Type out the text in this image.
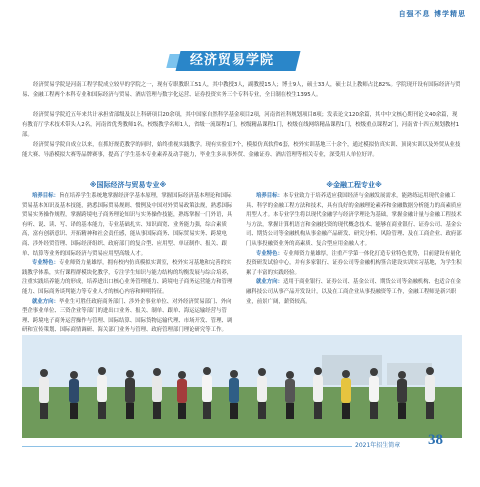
自强不息 博学精思
经济贸易学院

经济贸易学院是河南工程学院成立较早的学院之一，现有专职教职工51人，其中教授3人，副教授15人；博士9人，硕士33人，硕士以上教师占比82%。学院现开设有国际经济与贸易、金融工程两个本科专业和国际经济与贸易、酒店管理与数字化运营、证券投资实务三个专科专业，全日制在校生1395人。

经济贸易学院近五年来共计承担省部级及以上科研项目20余项，其中国家自然科学基金项目2项，河南省社科规划项目8项；发表论文120余篇，其中中文核心期刊论文40余篇，现有教育厅学术技术带头人2名，河南省优秀教师1名，校级教学名师1人，省级一流课程1门，校级精品课程1门，校级在线网络精品课程1门，校级重点课程2门，河南省十四五规划教材1部。

经济贸易学院自成立以来，在抓好规范教学的同时，始终重视实践教学。现有实验室7个，模拟仿真软件6套，校外实训基地三十余个，通过模拟仿真实训、顶岗实训以及外贸从业技能大赛、导游模拟大赛等品牌赛事，提高了学生基本专业素养及动手能力，毕业生多从事外贸、金融证券、酒店管理等相关专业，深受用人单位好评。

※国际经济与贸易专业※
培养目标：旨在培养学生系统地掌握经济学基本原理，掌握国际经济基本理论和国际贸易基本知识及基本技能，熟悉国际贸易规则、惯例及中国对外贸易政策法规，熟悉国际贸易实务操作规程，掌握跨境电子商务理论知识与实务操作技能，熟练掌握一门外语，具有听、说、读、写、译的基本能力，专业基础扎实、知识面宽、业务能力强，综合素质高，富有创新意识、开拓精神和社会责任感，能从事国际商务、国际贸易实务、跨境电商、涉外经贸管理、国际经济组织、政府部门的复合型、应用型、单证制作、报关、跟单、结算等业务的国际经济与贸易应用型高级人才。
专业特色：专业师资力量雄厚，拥有校内仿真模拟实训室，校外实习基地和完善的实践教学体系，实行课程群模块化教学，专注学生知识与能力结构的均衡发展与综合培养，注重实践培养能力的形成，培养进出口核心业务管理能力、跨境电子商务运营能力和管理能力、国际商务谈判能力等专业人才的核心内容和鲜明特征。
就业方向：毕业生可胜任政府商务部门、涉外企事业单位、对外经济贸易部门、外向型企事业单位、三资企业等部门的进出口业务、报关、制单、跟单、海运运输经营与管理、跨境电子商务运营操作与管理、国际结算、国际货物运输代理、市场开发、管理、调研和宣传策划、国际商情调研、海关部门业务与管理、政府管理部门理论研究等工作。
※金融工程专业※
培养目标：本专业致力于培养适应我国经济与金融发展需求，能熟练运用现代金融工具、科学的金融工程方法和技术，具有良好的金融理论素养和金融数据分析能力的高素质应用型人才。本专业学生将以现代金融学与经济学理论为基础，掌握金融计量与金融工程技术与方法，掌握计算机语言和金融投资的现代概念技术、能够在商业银行、证券公司、基金公司、期货公司等金融机构从事金融产品研发、研究分析、风险管理、及在工商企业、政府部门从事投融资业务的高素质、复合型应用金融人才。
专业特色：专业师资力量雄厚，注重产学第一体化打造专业特色优势，目前建设有量化投资研发试验中心，并有多家银行、证券公司等金融机构签合建设实训实习基地，为学生积累了丰富的实践经验。
就业方向：适用于商业银行、证券公司、基金公司、期货公司等金融机构、也适合在金融科技公司从事产品开发设计，以及在工商企业从事投融资等工作，金融工程师是新兴职业，前景广阔，薪资较高。
2021年招生简章 38
